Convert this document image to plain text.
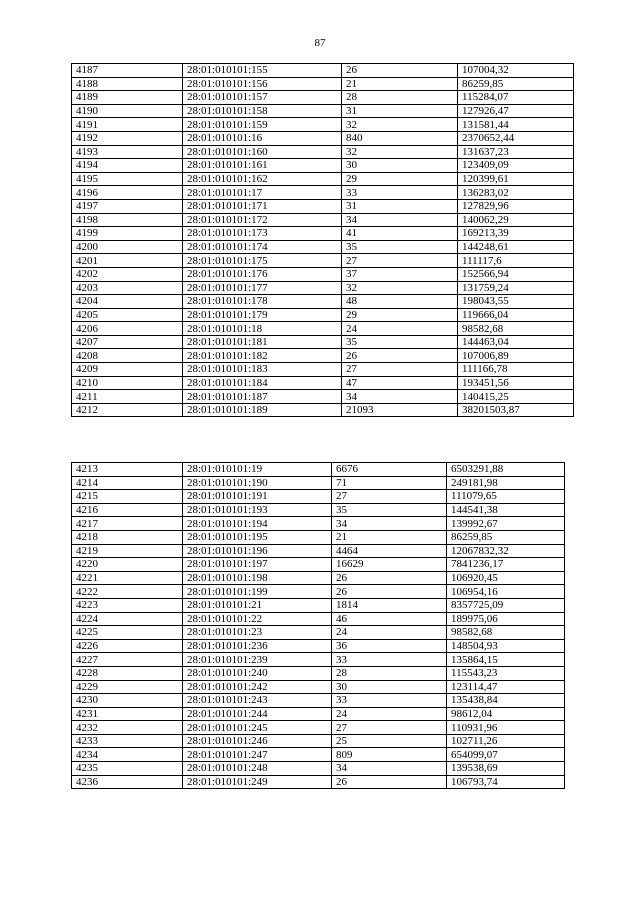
87
4187	28:01:010101:155	26	107004,32
4188	28:01:010101:156	21	86259,85
4189	28:01:010101:157	28	115284,07
4190	28:01:010101:158	31	127926,47
4191	28:01:010101:159	32	131581,44
4192	28:01:010101:16	840	2370652,44
4193	28:01:010101:160	32	131637,23
4194	28:01:010101:161	30	123409,09
4195	28:01:010101:162	29	120399,61
4196	28:01:010101:17	33	136283,02
4197	28:01:010101:171	31	127829,96
4198	28:01:010101:172	34	140062,29
4199	28:01:010101:173	41	169213,39
4200	28:01:010101:174	35	144248,61
4201	28:01:010101:175	27	111117,6
4202	28:01:010101:176	37	152566,94
4203	28:01:010101:177	32	131759,24
4204	28:01:010101:178	48	198043,55
4205	28:01:010101:179	29	119666,04
4206	28:01:010101:18	24	98582,68
4207	28:01:010101:181	35	144463,04
4208	28:01:010101:182	26	107006,89
4209	28:01:010101:183	27	111166,78
4210	28:01:010101:184	47	193451,56
4211	28:01:010101:187	34	140415,25
4212	28:01:010101:189	21093	38201503,87
4213	28:01:010101:19	6676	6503291,88
4214	28:01:010101:190	71	249181,98
4215	28:01:010101:191	27	111079,65
4216	28:01:010101:193	35	144541,38
4217	28:01:010101:194	34	139992,67
4218	28:01:010101:195	21	86259,85
4219	28:01:010101:196	4464	12067832,32
4220	28:01:010101:197	16629	7841236,17
4221	28:01:010101:198	26	106920,45
4222	28:01:010101:199	26	106954,16
4223	28:01:010101:21	1814	8357725,09
4224	28:01:010101:22	46	189975,06
4225	28:01:010101:23	24	98582,68
4226	28:01:010101:236	36	148504,93
4227	28:01:010101:239	33	135864,15
4228	28:01:010101:240	28	115543,23
4229	28:01:010101:242	30	123114,47
4230	28:01:010101:243	33	135438,84
4231	28:01:010101:244	24	98612,04
4232	28:01:010101:245	27	110931,96
4233	28:01:010101:246	25	102711,26
4234	28:01:010101:247	809	654099,07
4235	28:01:010101:248	34	139538,69
4236	28:01:010101:249	26	106793,74
